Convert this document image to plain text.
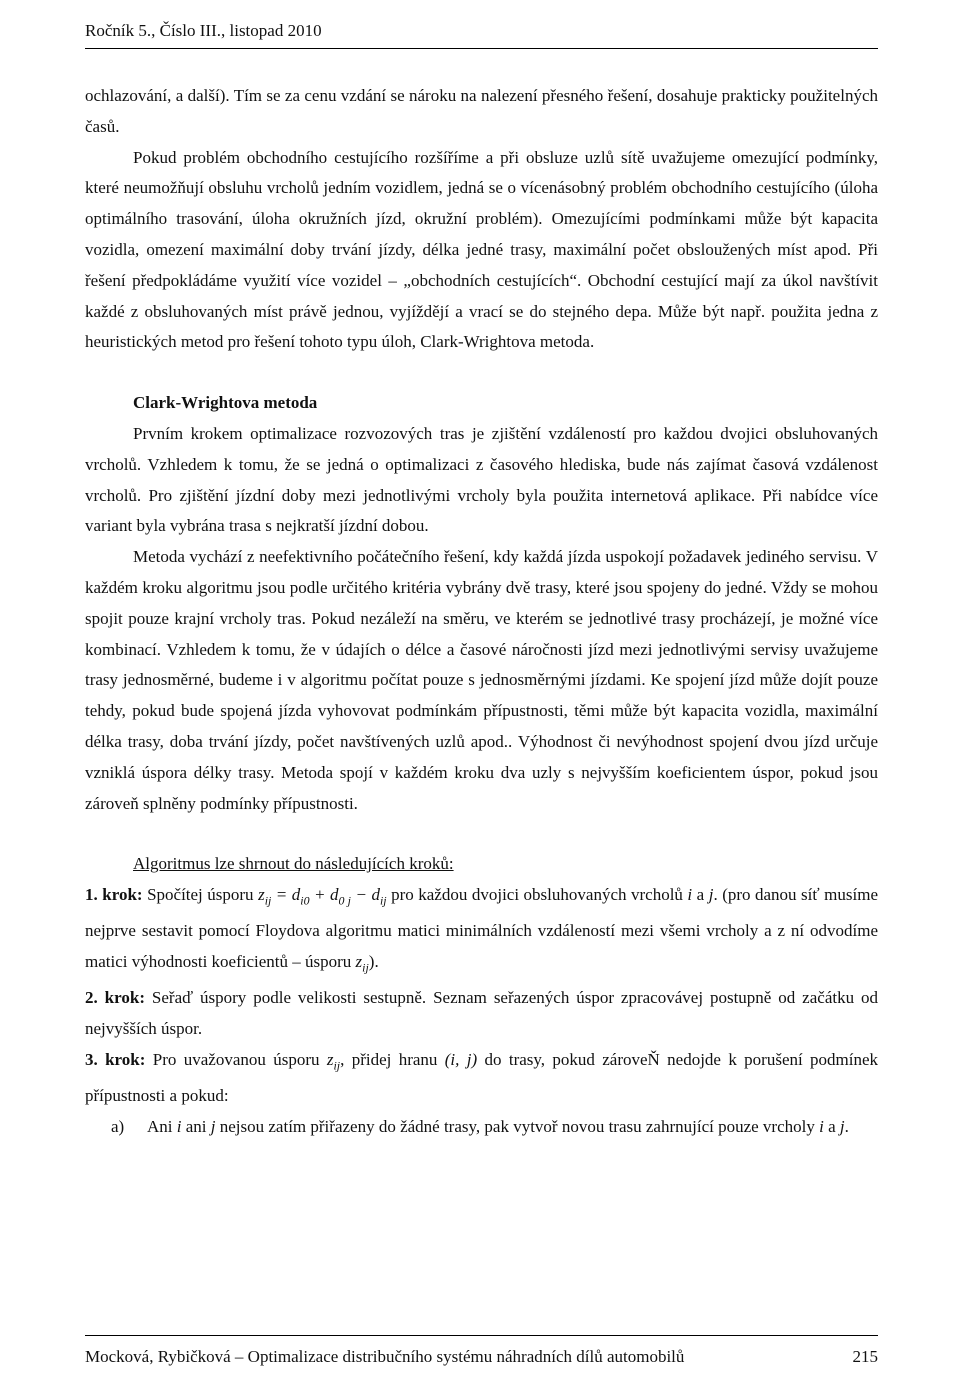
Ročník 5., Číslo III., listopad 2010

ochlazování, a další). Tím se za cenu vzdání se nároku na nalezení přesného řešení, dosahuje prakticky použitelných časů.

Pokud problém obchodního cestujícího rozšíříme a při obsluze uzlů sítě uvažujeme omezující podmínky, které neumožňují obsluhu vrcholů jedním vozidlem, jedná se o vícenásobný problém obchodního cestujícího (úloha optimálního trasování, úloha okružních jízd, okružní problém). Omezujícími podmínkami může být kapacita vozidla, omezení maximální doby trvání jízdy, délka jedné trasy, maximální počet obsloužených míst apod. Při řešení předpokládáme využití více vozidel – „obchodních cestujících“. Obchodní cestující mají za úkol navštívit každé z obsluhovaných míst právě jednou, vyjíždějí a vrací se do stejného depa. Může být např. použita jedna z heuristických metod pro řešení tohoto typu úloh, Clark-Wrightova metoda.

Clark-Wrightova metoda

Prvním krokem optimalizace rozvozových tras je zjištění vzdáleností pro každou dvojici obsluhovaných vrcholů. Vzhledem k tomu, že se jedná o optimalizaci z časového hlediska, bude nás zajímat časová vzdálenost vrcholů. Pro zjištění jízdní doby mezi jednotlivými vrcholy byla použita internetová aplikace. Při nabídce více variant byla vybrána trasa s nejkratší jízdní dobou.

Metoda vychází z neefektivního počátečního řešení, kdy každá jízda uspokojí požadavek jediného servisu. V každém kroku algoritmu jsou podle určitého kritéria vybrány dvě trasy, které jsou spojeny do jedné. Vždy se mohou spojit pouze krajní vrcholy tras. Pokud nezáleží na směru, ve kterém se jednotlivé trasy procházejí, je možné více kombinací. Vzhledem k tomu, že v údajích o délce a časové náročnosti jízd mezi jednotlivými servisy uvažujeme trasy jednosměrné, budeme i v algoritmu počítat pouze s jednosměrnými jízdami. Ke spojení jízd může dojít pouze tehdy, pokud bude spojená jízda vyhovovat podmínkám přípustnosti, těmi může být kapacita vozidla, maximální délka trasy, doba trvání jízdy, počet navštívených uzlů apod.. Výhodnost či nevýhodnost spojení dvou jízd určuje vzniklá úspora délky trasy. Metoda spojí v každém kroku dva uzly s nejvyšším koeficientem úspor, pokud jsou zároveň splněny podmínky přípustnosti.

Algoritmus lze shrnout do následujících kroků:

1. krok: Spočítej úsporu $z_{ij} = d_{i0} + d_{0 j} - d_{ij}$ pro každou dvojici obsluhovaných vrcholů i a j. (pro danou síť musíme nejprve sestavit pomocí Floydova algoritmu matici minimálních vzdáleností mezi všemi vrcholy a z ní odvodíme matici výhodnosti koeficientů – úsporu $z_{ij}$).

2. krok: Seřaď úspory podle velikosti sestupně. Seznam seřazených úspor zpracovávej postupně od začátku od nejvyšších úspor.

3. krok: Pro uvažovanou úsporu $z_{ij}$, přidej hranu (i, j) do trasy, pokud zároveŇ nedojde k porušení podmínek přípustnosti a pokud:

a) Ani i ani j nejsou zatím přiřazeny do žádné trasy, pak vytvoř novou trasu zahrnující pouze vrcholy i a j.

Mocková, Rybičková – Optimalizace distribučního systému náhradních dílů automobilů	215
